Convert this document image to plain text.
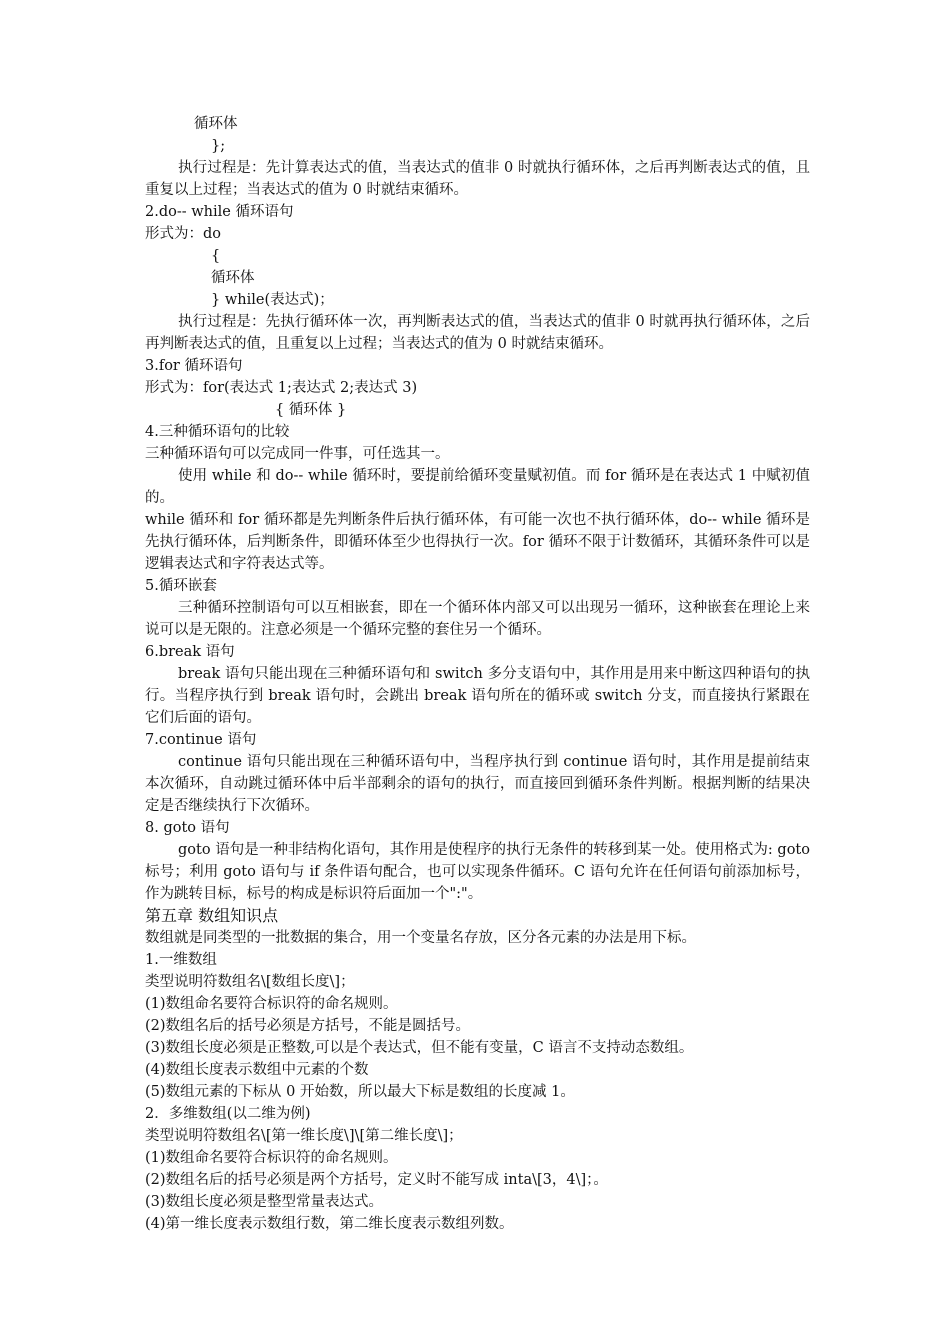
循环体
};
执行过程是：先计算表达式的值，当表达式的值非 0 时就执行循环体，之后再判断表达式的值，且重复以上过程；当表达式的值为 0 时就结束循环。
2.do-- while 循环语句
形式为：do
{
循环体
} while(表达式)；
执行过程是：先执行循环体一次，再判断表达式的值，当表达式的值非 0 时就再执行循环体，之后再判断表达式的值，且重复以上过程；当表达式的值为 0 时就结束循环。
3.for 循环语句
形式为：for(表达式 1;表达式 2;表达式 3)
{ 循环体 }
4.三种循环语句的比较
三种循环语句可以完成同一件事，可任选其一。
使用 while 和 do-- while 循环时，要提前给循环变量赋初值。而 for 循环是在表达式 1 中赋初值的。
while 循环和 for 循环都是先判断条件后执行循环体，有可能一次也不执行循环体，do-- while 循环是先执行循环体，后判断条件，即循环体至少也得执行一次。for 循环不限于计数循环，其循环条件可以是逻辑表达式和字符表达式等。
5.循环嵌套
三种循环控制语句可以互相嵌套，即在一个循环体内部又可以出现另一循环，这种嵌套在理论上来说可以是无限的。注意必须是一个循环完整的套住另一个循环。
6.break 语句
break 语句只能出现在三种循环语句和 switch 多分支语句中，其作用是用来中断这四种语句的执行。当程序执行到 break 语句时，会跳出 break 语句所在的循环或 switch 分支，而直接执行紧跟在它们后面的语句。
7.continue 语句
continue 语句只能出现在三种循环语句中，当程序执行到 continue 语句时，其作用是提前结束本次循环，自动跳过循环体中后半部剩余的语句的执行，而直接回到循环条件判断。根据判断的结果决定是否继续执行下次循环。
8. goto 语句
goto 语句是一种非结构化语句，其作用是使程序的执行无条件的转移到某一处。使用格式为: goto 标号；利用 goto 语句与 if 条件语句配合，也可以实现条件循环。C 语句允许在任何语句前添加标号，作为跳转目标，标号的构成是标识符后面加一个":"。
第五章 数组知识点
数组就是同类型的一批数据的集合，用一个变量名存放，区分各元素的办法是用下标。
1.一维数组
类型说明符数组名\[数组长度\]；
(1)数组命名要符合标识符的命名规则。
(2)数组名后的括号必须是方括号，不能是圆括号。
(3)数组长度必须是正整数,可以是个表达式，但不能有变量，C 语言不支持动态数组。
(4)数组长度表示数组中元素的个数
(5)数组元素的下标从 0 开始数，所以最大下标是数组的长度减 1。
2．多维数组(以二维为例)
类型说明符数组名\[第一维长度\]\[第二维长度\]；
(1)数组命名要符合标识符的命名规则。
(2)数组名后的括号必须是两个方括号，定义时不能写成 inta\[3，4\]；。
(3)数组长度必须是整型常量表达式。
(4)第一维长度表示数组行数，第二维长度表示数组列数。
